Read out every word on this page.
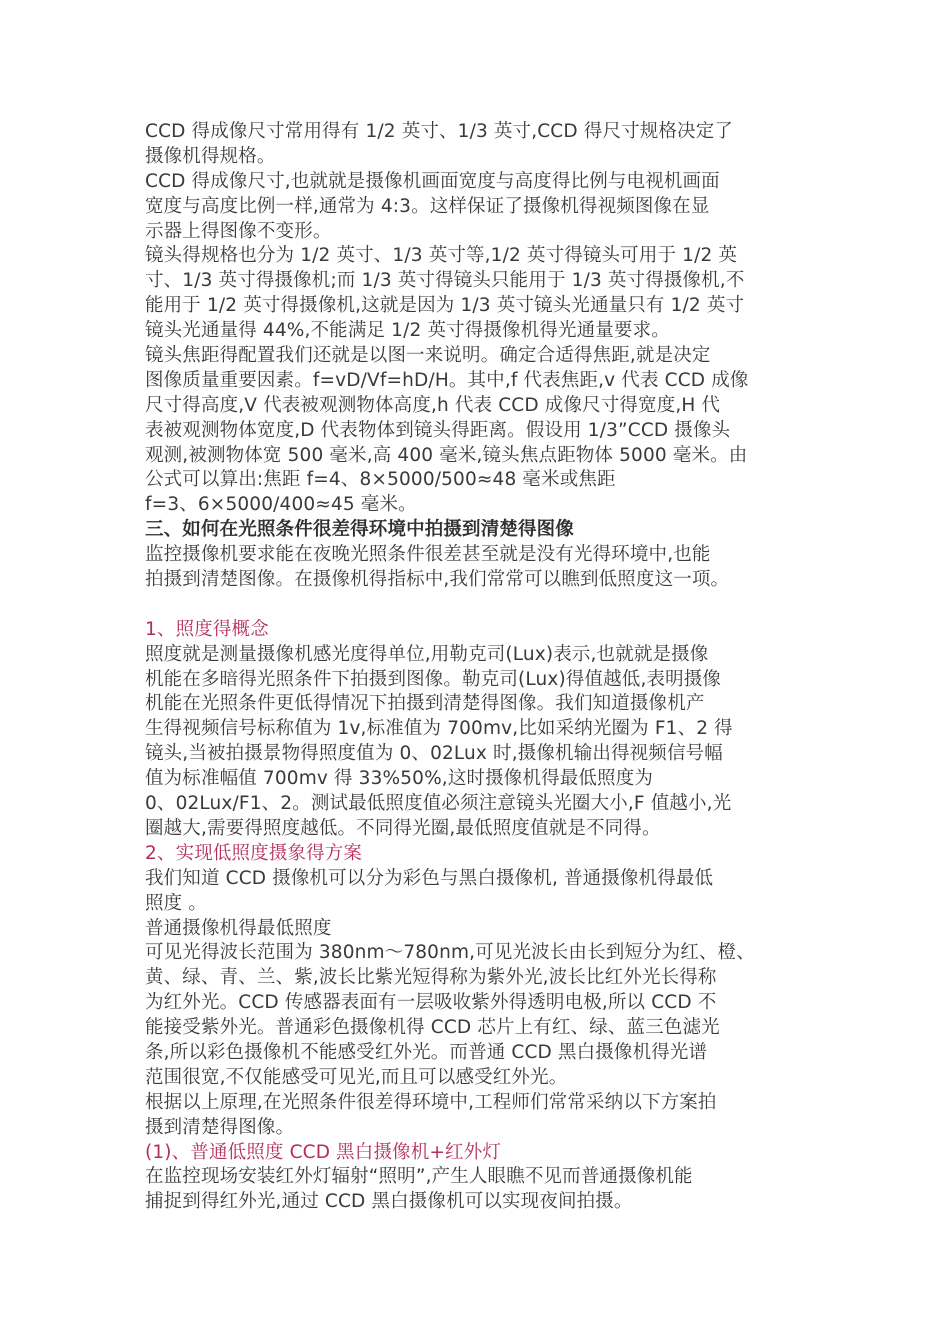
CCD 得成像尺寸常用得有 1/2 英寸、1/3 英寸,CCD 得尺寸规格决定了
摄像机得规格。
CCD 得成像尺寸,也就就是摄像机画面宽度与高度得比例与电视机画面
宽度与高度比例一样,通常为 4:3。这样保证了摄像机得视频图像在显
示器上得图像不变形。
镜头得规格也分为 1/2 英寸、1/3 英寸等,1/2 英寸得镜头可用于 1/2 英
寸、1/3 英寸得摄像机;而 1/3 英寸得镜头只能用于 1/3 英寸得摄像机,不
能用于 1/2 英寸得摄像机,这就是因为 1/3 英寸镜头光通量只有 1/2 英寸
镜头光通量得 44%,不能满足 1/2 英寸得摄像机得光通量要求。
镜头焦距得配置我们还就是以图一来说明。确定合适得焦距,就是决定
图像质量重要因素。f=vD/Vf=hD/H。其中,f 代表焦距,v 代表 CCD 成像
尺寸得高度,V 代表被观测物体高度,h 代表 CCD 成像尺寸得宽度,H 代
表被观测物体宽度,D 代表物体到镜头得距离。假设用 1/3”CCD 摄像头
观测,被测物体宽 500 毫米,高 400 毫米,镜头焦点距物体 5000 毫米。由
公式可以算出:焦距 f=4、8×5000/500≈48 毫米或焦距
f=3、6×5000/400≈45 毫米。
三、如何在光照条件很差得环境中拍摄到清楚得图像
监控摄像机要求能在夜晚光照条件很差甚至就是没有光得环境中,也能
拍摄到清楚图像。在摄像机得指标中,我们常常可以瞧到低照度这一项。
1、照度得概念
照度就是测量摄像机感光度得单位,用勒克司(Lux)表示,也就就是摄像
机能在多暗得光照条件下拍摄到图像。勒克司(Lux)得值越低,表明摄像
机能在光照条件更低得情况下拍摄到清楚得图像。我们知道摄像机产
生得视频信号标称值为 1v,标准值为 700mv,比如采纳光圈为 F1、2 得
镜头,当被拍摄景物得照度值为 0、02Lux 时,摄像机输出得视频信号幅
值为标准幅值 700mv 得 33%50%,这时摄像机得最低照度为
0、02Lux/F1、2。测试最低照度值必须注意镜头光圈大小,F 值越小,光
圈越大,需要得照度越低。不同得光圈,最低照度值就是不同得。
2、实现低照度摄象得方案
我们知道 CCD 摄像机可以分为彩色与黑白摄像机, 普通摄像机得最低
照度 。
普通摄像机得最低照度
可见光得波长范围为 380nm～780nm,可见光波长由长到短分为红、橙、
黄、绿、青、兰、紫,波长比紫光短得称为紫外光,波长比红外光长得称
为红外光。CCD 传感器表面有一层吸收紫外得透明电极,所以 CCD 不
能接受紫外光。普通彩色摄像机得 CCD 芯片上有红、绿、蓝三色滤光
条,所以彩色摄像机不能感受红外光。而普通 CCD 黑白摄像机得光谱
范围很宽,不仅能感受可见光,而且可以感受红外光。
根据以上原理,在光照条件很差得环境中,工程师们常常采纳以下方案拍
摄到清楚得图像。
(1)、普通低照度 CCD 黑白摄像机+红外灯
在监控现场安装红外灯辐射“照明”,产生人眼瞧不见而普通摄像机能
捕捉到得红外光,通过 CCD 黑白摄像机可以实现夜间拍摄。
